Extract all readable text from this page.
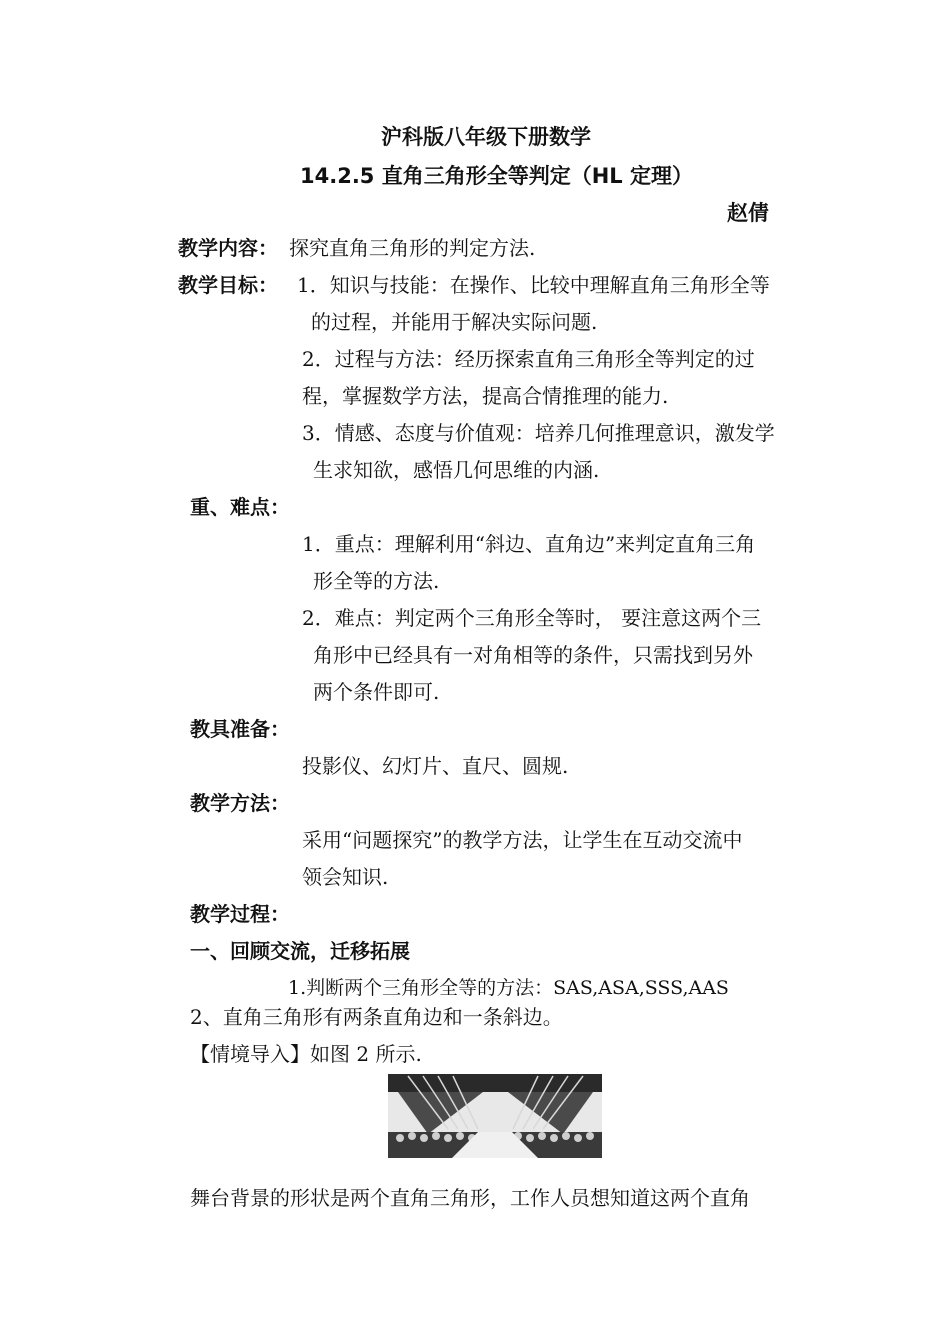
沪科版八年级下册数学
14.2.5 直角三角形全等判定（HL 定理）
赵倩
教学内容： 探究直角三角形的判定方法.
教学目标： 1．知识与技能：在操作、比较中理解直角三角形全等
的过程，并能用于解决实际问题.
2．过程与方法：经历探索直角三角形全等判定的过
程，掌握数学方法，提高合情推理的能力.
3．情感、态度与价值观：培养几何推理意识，激发学
生求知欲，感悟几何思维的内涵.
重、难点：
1．重点：理解利用“斜边、直角边”来判定直角三角
形全等的方法.
2．难点：判定两个三角形全等时， 要注意这两个三
角形中已经具有一对角相等的条件，只需找到另外
两个条件即可.
教具准备：
投影仪、幻灯片、直尺、圆规.
教学方法：
采用“问题探究”的教学方法，让学生在互动交流中
领会知识.
教学过程：
一、回顾交流，迁移拓展
1.判断两个三角形全等的方法：SAS,ASA,SSS,AAS
2、直角三角形有两条直角边和一条斜边。
【情境导入】如图 2 所示.
舞台背景的形状是两个直角三角形，工作人员想知道这两个直角
